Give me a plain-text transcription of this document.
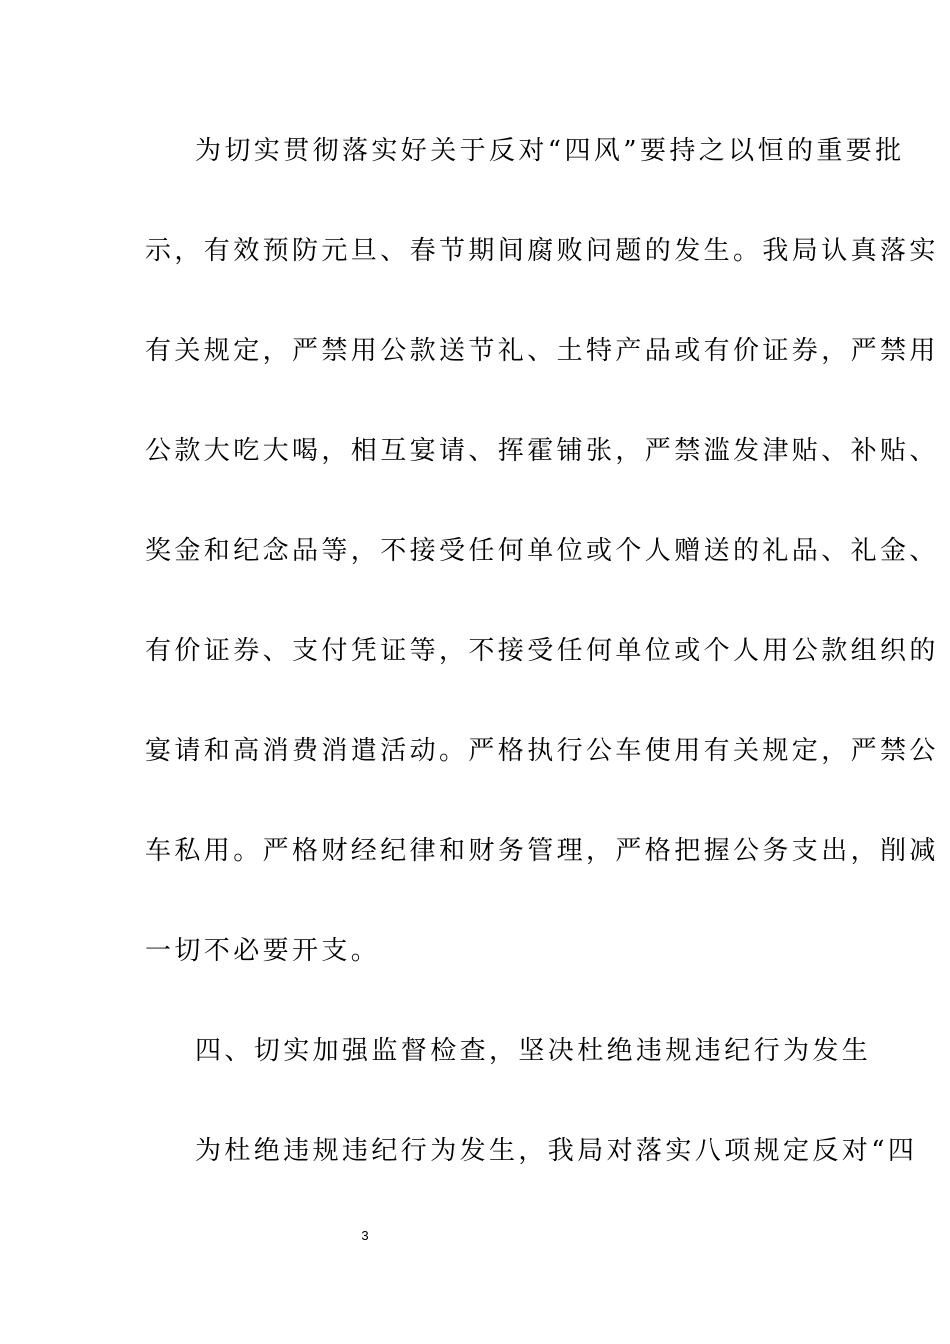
为切实贯彻落实好关于反对“四风”要持之以恒的重要批
示，有效预防元旦、春节期间腐败问题的发生。我局认真落实
有关规定，严禁用公款送节礼、土特产品或有价证券，严禁用
公款大吃大喝，相互宴请、挥霍铺张，严禁滥发津贴、补贴、
奖金和纪念品等，不接受任何单位或个人赠送的礼品、礼金、
有价证券、支付凭证等，不接受任何单位或个人用公款组织的
宴请和高消费消遣活动。严格执行公车使用有关规定，严禁公
车私用。严格财经纪律和财务管理，严格把握公务支出，削减
一切不必要开支。
四、切实加强监督检查，坚决杜绝违规违纪行为发生
为杜绝违规违纪行为发生，我局对落实八项规定反对“四
3
